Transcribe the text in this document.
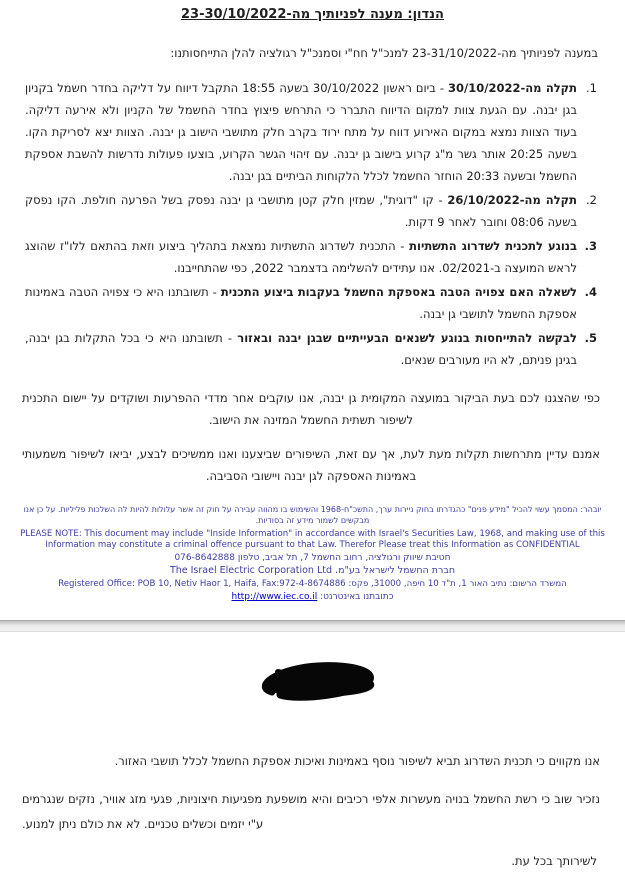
הנדון: מענה לפניותיך מה-23-30/10/2022

במענה לפניותיך מה-23-31/10/2022 למנכ"ל חח"י וסמנכ"ל רגולציה להלן התייחסותנו:

1.
תקלה מה-30/10/2022 - ביום ראשון 30/10/2022 בשעה 18:55 התקבל דיווח על דליקה בחדר חשמל בקניון בגן יבנה. עם הגעת צוות למקום הדיווח התברר כי התרחש פיצוץ בחדר החשמל של הקניון ולא אירעה דליקה. בעוד הצוות נמצא במקום האירוע דווח על מתח ירוד בקרב חלק מתושבי הישוב גן יבנה. הצוות יצא לסריקת הקו. בשעה 20:25 אותר גשר מ"ג קרוע בישוב גן יבנה. עם זיהוי הגשר הקרוע, בוצעו פעולות נדרשות להשבת אספקת החשמל ובשעה 20:33 הוחזר החשמל לכלל הלקוחות הביתיים בגן יבנה.
2.
תקלה מה-26/10/2022 - קו "דוגית", שמזין חלק קטן מתושבי גן יבנה נפסק בשל הפרעה חולפת. הקו נפסק בשעה 08:06 וחובר לאחר 9 דקות.
3.
בנוגע לתכנית לשדרוג התשתיות - התכנית לשדרוג התשתיות נמצאת בתהליך ביצוע וזאת בהתאם ללו"ז שהוצג לראש המועצה ב-02/2021. אנו עתידים להשלימה בדצמבר 2022, כפי שהתחייבנו.
4.
לשאלה האם צפויה הטבה באספקת החשמל בעקבות ביצוע התכנית - תשובתנו היא כי צפויה הטבה באמינות אספקת החשמל לתושבי גן יבנה.
5.
לבקשה להתייחסות בנוגע לשנאים הבעייתיים שבגן יבנה ובאזור - תשובתנו היא כי בכל התקלות בגן יבנה, בגינן פניתם, לא היו מעורבים שנאים.

כפי שהצגנו לכם בעת הביקור במועצה המקומית גן יבנה, אנו עוקבים אחר מדדי ההפרעות ושוקדים על יישום התכנית לשיפור תשתית החשמל המזינה את הישוב.

אמנם עדיין מתרחשות תקלות מעת לעת, אך עם זאת, השיפורים שביצענו ואנו ממשיכים לבצע, יביאו לשיפור משמעותי באמינות האספקה לגן יבנה ויישובי הסביבה.

יובהר: המסמך עשוי להכיל "מידע פנים" כהגדרתו בחוק ניירות ערך, התשכ"ח-1968 והשימוש בו מהווה עבירה על חוק זה אשר עלולות להיות לה השלכות פליליות. על כן אנו מבקשים לשמור מידע זה בסודיות.

PLEASE NOTE: This document may include "Inside Information" in accordance with Israel's Securities Law, 1968, and making use of this Information may constitute a criminal offence pursuant to that Law. Therefor Please treat this Information as CONFIDENTIAL

חטיבת שיווק ורגולציה, רחוב החשמל 7, תל אביב, טלפון 076-8642888
חברת החשמל לישראל בע"מ. The Israel Electric Corporation Ltd
המשרד הרשום: נתיב האור 1, ת"ד 10 חיפה, 31000, פקס: Registered Office: POB 10, Netiv Haor 1, Haifa, Fax:972-4-8674886
כתובתנו באינטרנט: http://www.iec.co.il

אנו מקווים כי תכנית השדרוג תביא לשיפור נוסף באמינות ואיכות אספקת החשמל לכלל תושבי האזור.

נזכיר שוב כי רשת החשמל בנויה מעשרות אלפי רכיבים והיא מושפעת מפגיעות חיצוניות, פגעי מזג אוויר, נזקים שנגרמים ע"י יזמים וכשלים טכניים. לא את כולם ניתן למנוע.

לשירותך בכל עת.
